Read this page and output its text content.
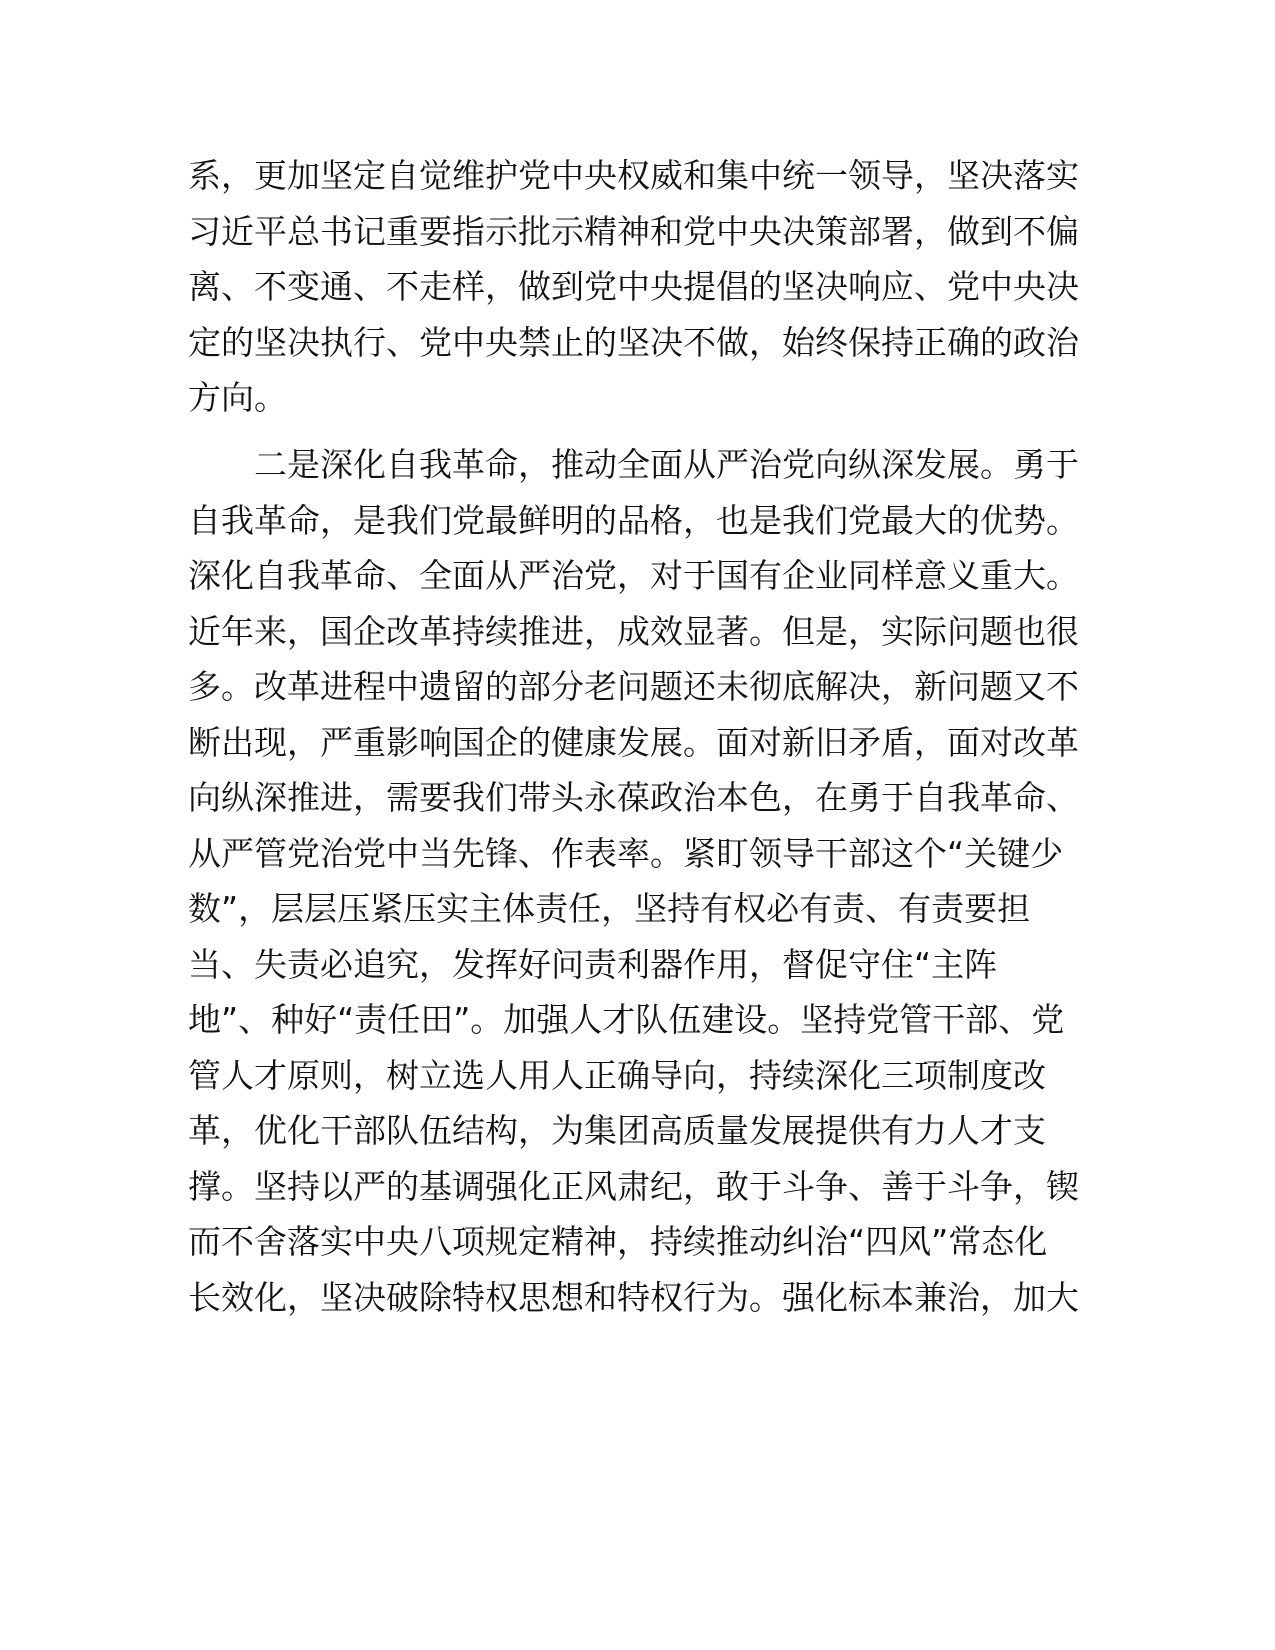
系，更加坚定自觉维护党中央权威和集中统一领导，坚决落实
习近平总书记重要指示批示精神和党中央决策部署，做到不偏
离、不变通、不走样，做到党中央提倡的坚决响应、党中央决
定的坚决执行、党中央禁止的坚决不做，始终保持正确的政治
方向。
二是深化自我革命，推动全面从严治党向纵深发展。勇于
自我革命，是我们党最鲜明的品格，也是我们党最大的优势。
深化自我革命、全面从严治党，对于国有企业同样意义重大。
近年来，国企改革持续推进，成效显著。但是，实际问题也很
多。改革进程中遗留的部分老问题还未彻底解决，新问题又不
断出现，严重影响国企的健康发展。面对新旧矛盾，面对改革
向纵深推进，需要我们带头永葆政治本色，在勇于自我革命、
从严管党治党中当先锋、作表率。紧盯领导干部这个“关键少
数”，层层压紧压实主体责任，坚持有权必有责、有责要担
当、失责必追究，发挥好问责利器作用，督促守住“主阵
地”、种好“责任田”。加强人才队伍建设。坚持党管干部、党
管人才原则，树立选人用人正确导向，持续深化三项制度改
革，优化干部队伍结构，为集团高质量发展提供有力人才支
撑。坚持以严的基调强化正风肃纪，敢于斗争、善于斗争，锲
而不舍落实中央八项规定精神，持续推动纠治“四风”常态化
长效化，坚决破除特权思想和特权行为。强化标本兼治，加大
